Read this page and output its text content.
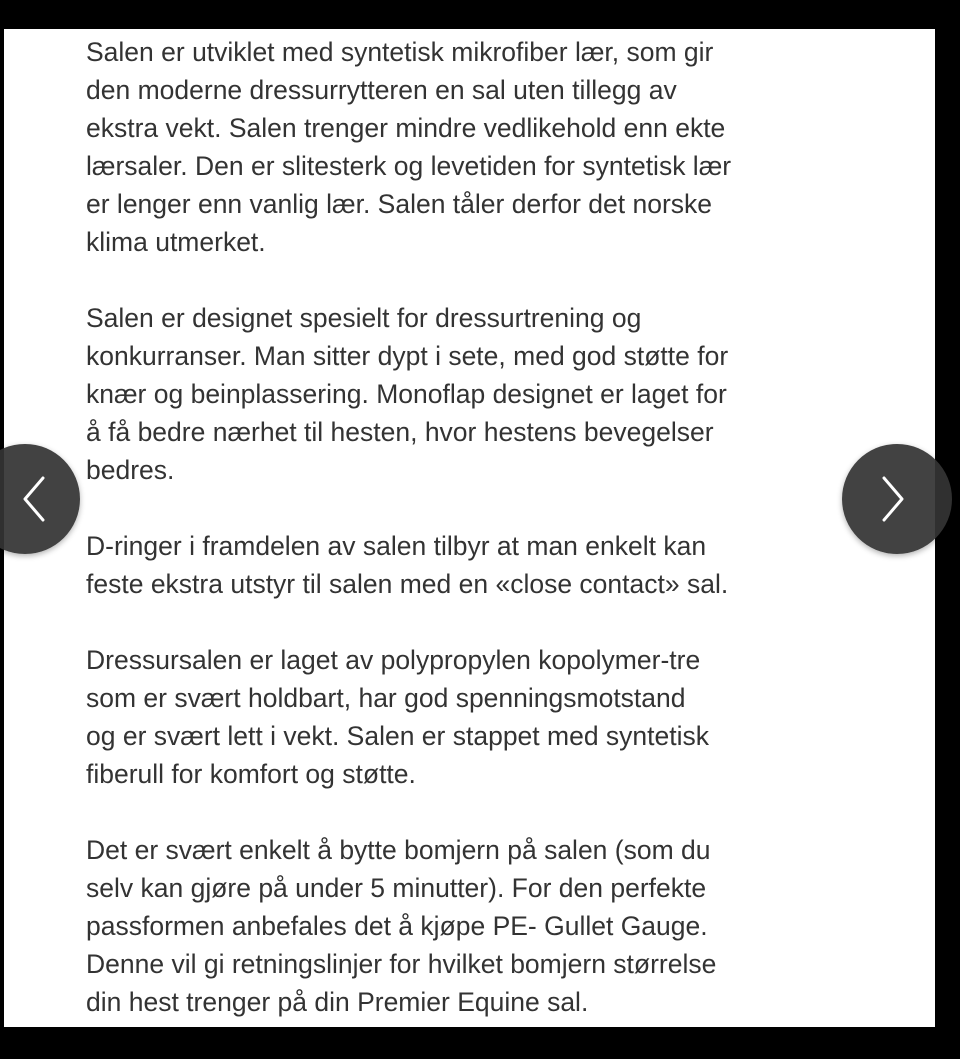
Salen er utviklet med syntetisk mikrofiber lær, som gir
den moderne dressurrytteren en sal uten tillegg av
ekstra vekt. Salen trenger mindre vedlikehold enn ekte
lærsaler. Den er slitesterk og levetiden for syntetisk lær
er lenger enn vanlig lær. Salen tåler derfor det norske
klima utmerket.

Salen er designet spesielt for dressurtrening og
konkurranser. Man sitter dypt i sete, med god støtte for
knær og beinplassering. Monoflap designet er laget for
å få bedre nærhet til hesten, hvor hestens bevegelser
bedres.

D-ringer i framdelen av salen tilbyr at man enkelt kan
feste ekstra utstyr til salen med en «close contact» sal.

Dressursalen er laget av polypropylen kopolymer-tre
som er svært holdbart, har god spenningsmotstand
og er svært lett i vekt. Salen er stappet med syntetisk
fiberull for komfort og støtte.

Det er svært enkelt å bytte bomjern på salen (som du
selv kan gjøre på under 5 minutter). For den perfekte
passformen anbefales det å kjøpe PE- Gullet Gauge.
Denne vil gi retningslinjer for hvilket bomjern størrelse
din hest trenger på din Premier Equine sal.
